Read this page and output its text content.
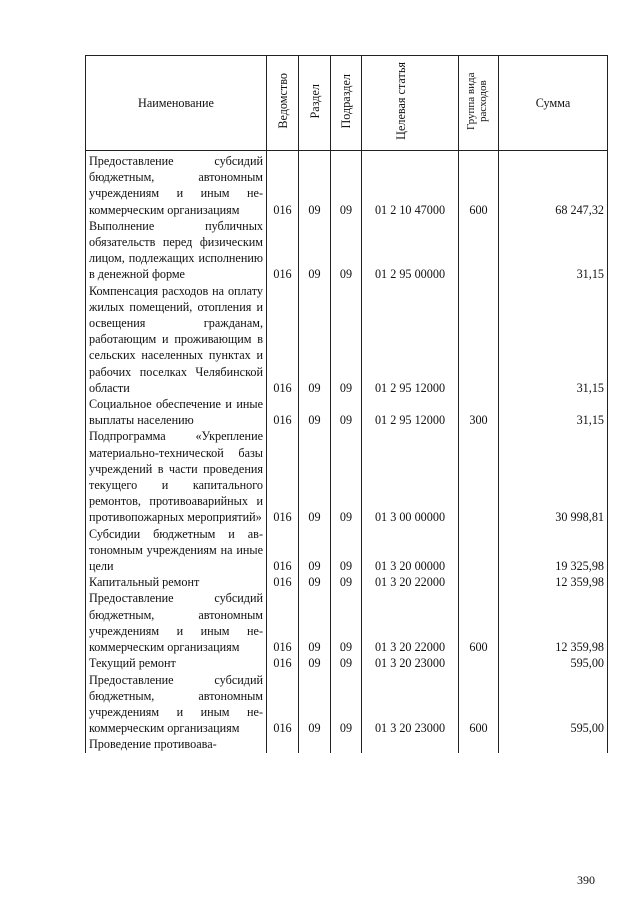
Наименование	Ведомство	Раздел	Подраздел	Целевая статья	Группа вида расходов	Сумма
Предоставление субсидий бюджетным, автономным учреждениям и иным некоммерческим организациям	016	09	09	01 2 10 47000	600	68 247,32
Выполнение публичных обязательств перед физическим лицом, подлежащих исполнению в денежной форме	016	09	09	01 2 95 00000		31,15
Компенсация расходов на оплату жилых помещений, отопления и освещения гражданам, работающим и проживающим в сельских населенных пунктах и рабочих поселках Челябинской области	016	09	09	01 2 95 12000		31,15
Социальное обеспечение и иные выплаты населению	016	09	09	01 2 95 12000	300	31,15
Подпрограмма «Укрепление материально-технической базы учреждений в части проведения текущего и капитального ремонтов, противоаварийных и противопожарных мероприятий»	016	09	09	01 3 00 00000		30 998,81
Субсидии бюджетным и автономным учреждениям на иные цели	016	09	09	01 3 20 00000		19 325,98
Капитальный ремонт	016	09	09	01 3 20 22000		12 359,98
Предоставление субсидий бюджетным, автономным учреждениям и иным некоммерческим организациям	016	09	09	01 3 20 22000	600	12 359,98
Текущий ремонт	016	09	09	01 3 20 23000		595,00
Предоставление субсидий бюджетным, автономным учреждениям и иным некоммерческим организациям	016	09	09	01 3 20 23000	600	595,00
Проведение противоава-						
390
